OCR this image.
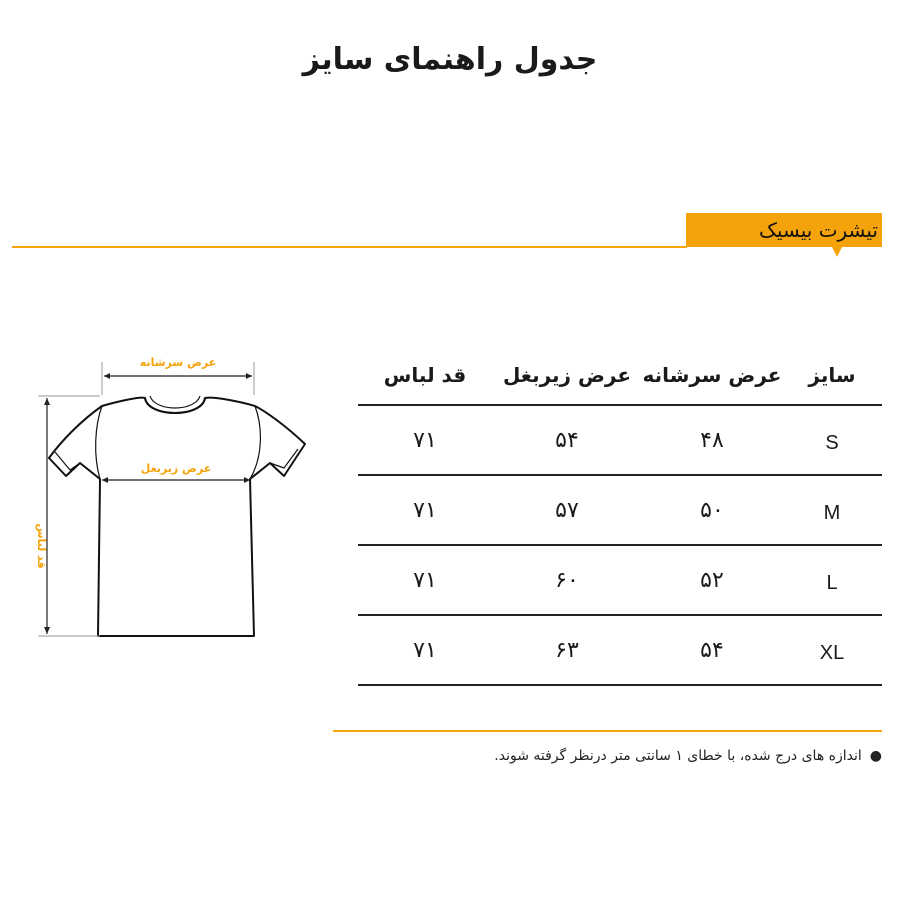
جدول راهنمای سایز
تیشرت بیسیک
عرض سرشانه
عرض زیربغل
قد لباس
قد لباس	عرض زیربغل	عرض سرشانه	سایز
۷۱	۵۴	۴۸	S
۷۱	۵۷	۵۰	M
۷۱	۶۰	۵۲	L
۷۱	۶۳	۵۴	XL
●اندازه های درج شده، با خطای ۱ سانتی متر درنظر گرفته شوند.
